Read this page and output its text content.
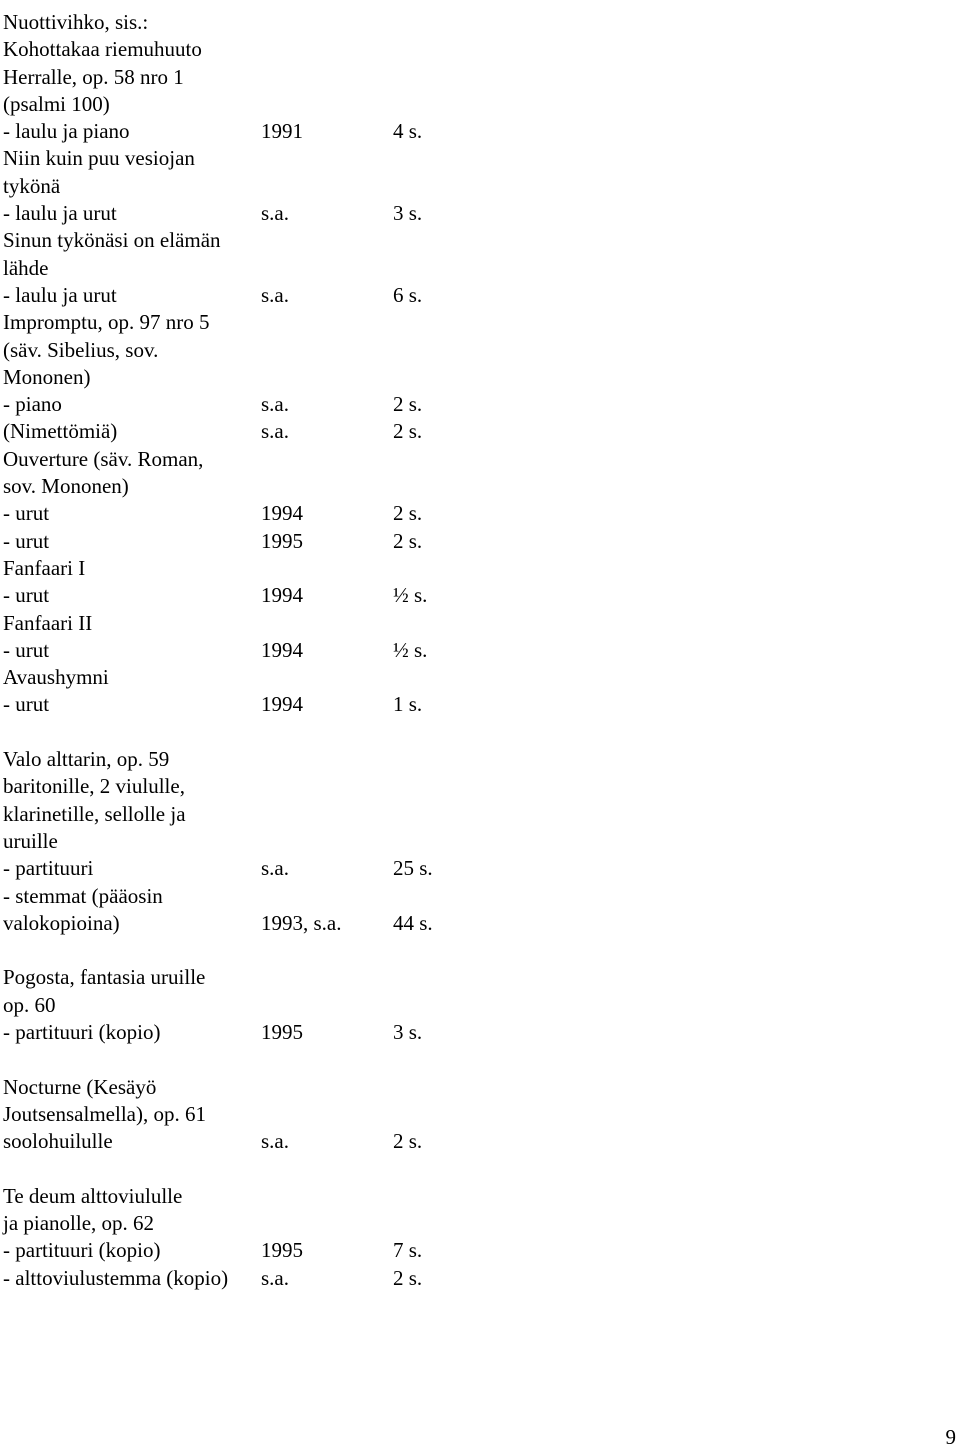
Nuottivihko, sis.:
Kohottakaa riemuhuuto
Herralle, op. 58 nro 1
(psalmi 100)
- laulu ja piano	1991	4 s.
Niin kuin puu vesiojan
tykönä
- laulu ja urut	s.a.	3 s.
Sinun tykönäsi on elämän
lähde
- laulu ja urut	s.a.	6 s.
Impromptu, op. 97 nro 5
(säv. Sibelius, sov.
Mononen)
- piano	s.a.	2 s.
(Nimettömiä)	s.a.	2 s.
Ouverture (säv. Roman,
sov. Mononen)
- urut	1994	2 s.
- urut	1995	2 s.
Fanfaari I
- urut	1994	½ s.
Fanfaari II
- urut	1994	½ s.
Avaushymni
- urut	1994	1 s.
Valo alttarin, op. 59
baritonille, 2 viululle,
klarinetille, sellolle ja
uruille
- partituuri	s.a.	25 s.
- stemmat (pääosin
valokopioina)	1993, s.a.	44 s.
Pogosta, fantasia uruille
op. 60
- partituuri (kopio)	1995	3 s.
Nocturne (Kesäyö
Joutsensalmella), op. 61
soolohuilulle	s.a.	2 s.
Te deum alttoviululle
ja pianolle, op. 62
- partituuri (kopio)	1995	7 s.
- alttoviulustemma (kopio)	s.a.	2 s.
9
